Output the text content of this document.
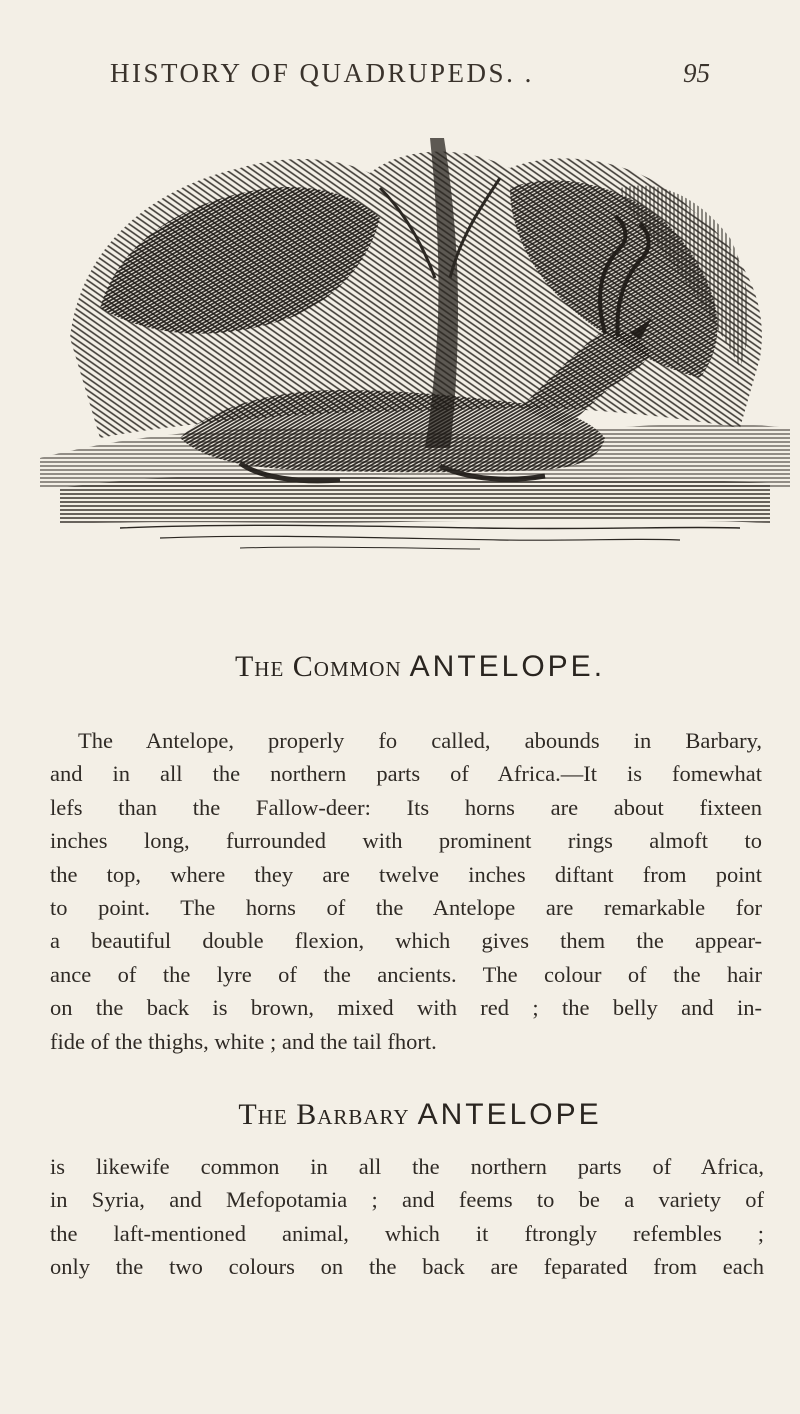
HISTORY OF QUADRUPEDS. .	95
The Common ANTELOPE.
The Antelope, properly fo called, abounds in Barbary,
and in all the northern parts of Africa.—It is fomewhat
lefs than the Fallow-deer: Its horns are about fixteen
inches long, furrounded with prominent rings almoft to
the top, where they are twelve inches diftant from point
to point. The horns of the Antelope are remarkable for
a beautiful double flexion, which gives them the appear-
ance of the lyre of the ancients. The colour of the hair
on the back is brown, mixed with red ; the belly and in-
fide of the thighs, white ; and the tail fhort.
The Barbary ANTELOPE
is likewife common in all the northern parts of Africa,
in Syria, and Mefopotamia ; and feems to be a variety of
the laft-mentioned animal, which it ftrongly refembles ;
only the two colours on the back are feparated from each
